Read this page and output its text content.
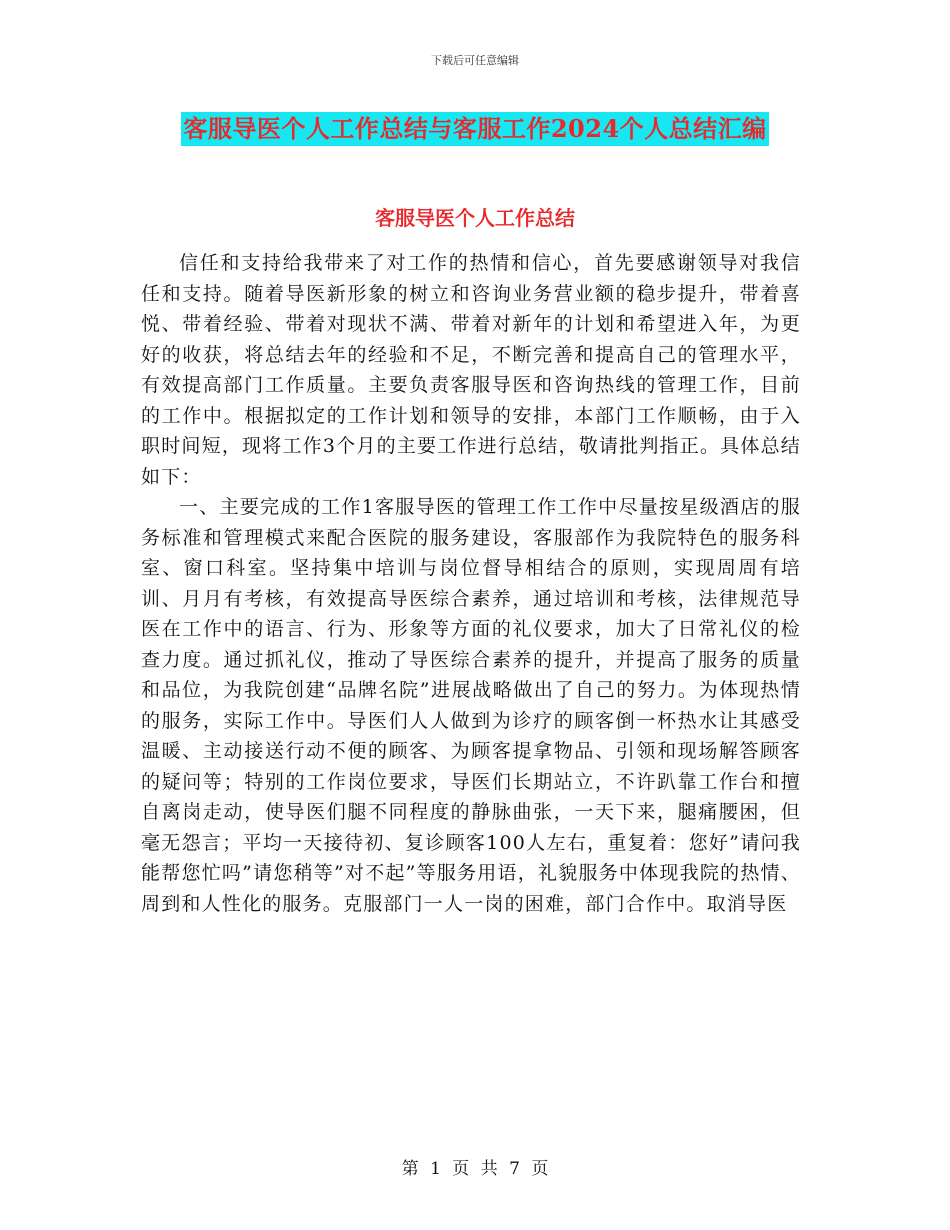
下载后可任意编辑
客服导医个人工作总结与客服工作2024个人总结汇编
客服导医个人工作总结

信任和支持给我带来了对工作的热情和信心，首先要感谢领导对我信任和支持。随着导医新形象的树立和咨询业务营业额的稳步提升，带着喜悦、带着经验、带着对现状不满、带着对新年的计划和希望进入年，为更好的收获，将总结去年的经验和不足，不断完善和提高自己的管理水平，有效提高部门工作质量。主要负责客服导医和咨询热线的管理工作，目前的工作中。根据拟定的工作计划和领导的安排，本部门工作顺畅，由于入职时间短，现将工作3个月的主要工作进行总结，敬请批判指正。具体总结如下：

一、主要完成的工作1客服导医的管理工作工作中尽量按星级酒店的服务标准和管理模式来配合医院的服务建设，客服部作为我院特色的服务科室、窗口科室。坚持集中培训与岗位督导相结合的原则，实现周周有培训、月月有考核，有效提高导医综合素养，通过培训和考核，法律规范导医在工作中的语言、行为、形象等方面的礼仪要求，加大了日常礼仪的检查力度。通过抓礼仪，推动了导医综合素养的提升，并提高了服务的质量和品位，为我院创建“品牌名院”进展战略做出了自己的努力。为体现热情的服务，实际工作中。导医们人人做到为诊疗的顾客倒一杯热水让其感受温暖、主动接送行动不便的顾客、为顾客提拿物品、引领和现场解答顾客的疑问等；特别的工作岗位要求，导医们长期站立，不许趴靠工作台和擅自离岗走动，使导医们腿不同程度的静脉曲张，一天下来，腿痛腰困，但毫无怨言；平均一天接待初、复诊顾客100人左右，重复着：您好”请问我能帮您忙吗”请您稍等”对不起”等服务用语，礼貌服务中体现我院的热情、周到和人性化的服务。克服部门一人一岗的困难，部门合作中。取消导医

第 1 页 共 7 页
